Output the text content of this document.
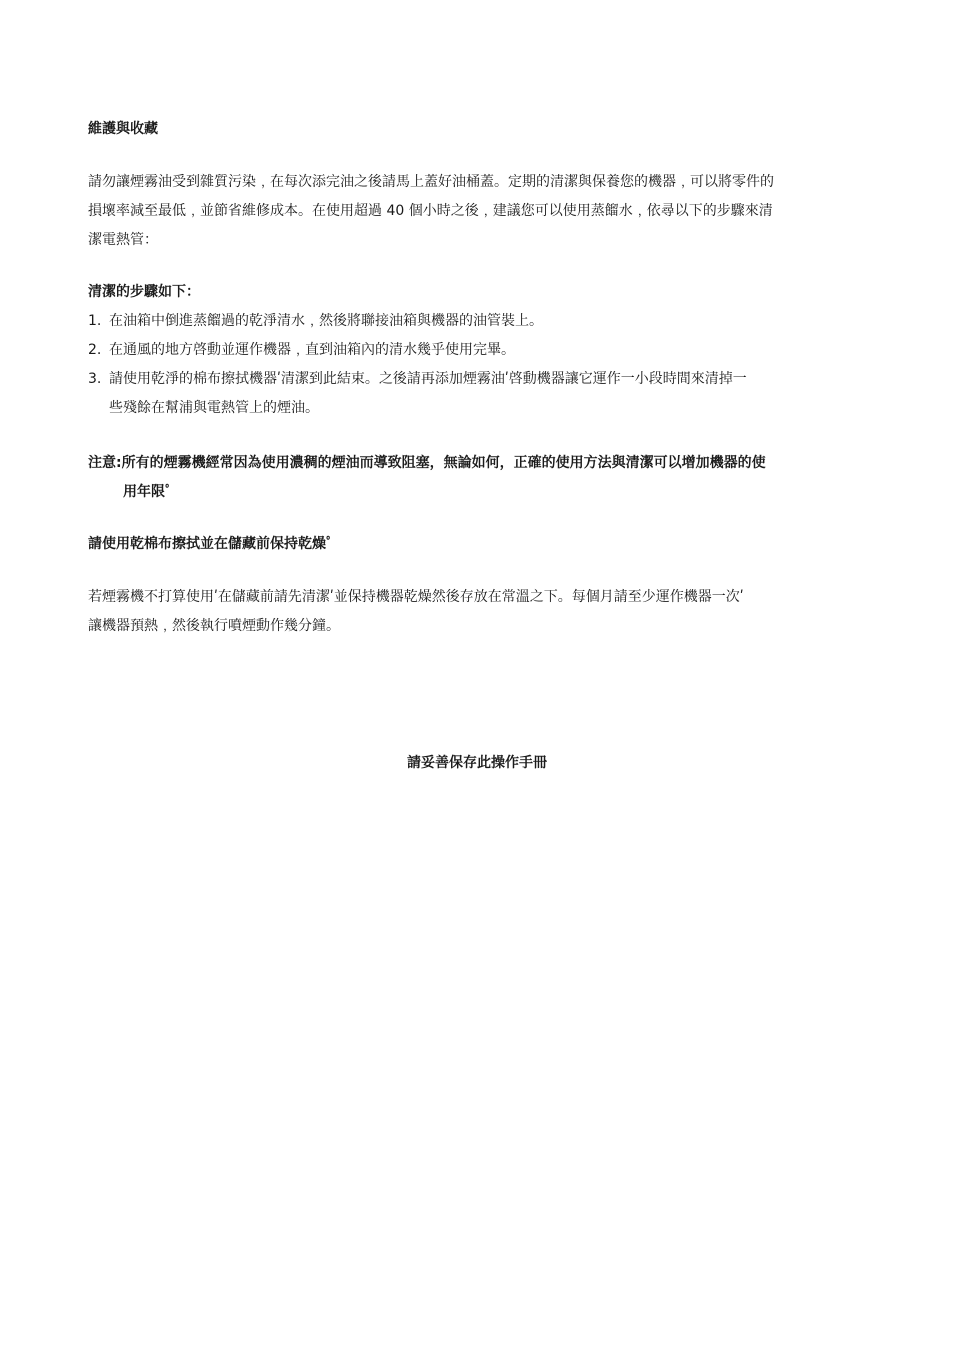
維護與收藏

請勿讓煙霧油受到雜質污染﹐在每次添完油之後請馬上蓋好油桶蓋。定期的清潔與保養您的機器﹐可以將零件的

損壞率減至最低﹐並節省維修成本。在使用超過 40 個小時之後﹐建議您可以使用蒸餾水﹐依尋以下的步驟來清

潔電熱管：

清潔的步驟如下：

1. 在油箱中倒進蒸餾過的乾淨清水﹐然後將聯接油箱與機器的油管裝上。
2. 在通風的地方啓動並運作機器﹐直到油箱內的清水幾乎使用完畢。
3. 請使用乾淨的棉布擦拭機器ʹ清潔到此結束。之後請再添加煙霧油ʹ啓動機器讓它運作一小段時間來清掉一
些殘餘在幫浦與電熱管上的煙油。

注意:所有的煙霧機經常因為使用濃稠的煙油而導致阻塞，無論如何，正確的使用方法與清潔可以增加機器的使
用年限ﾟ

請使用乾棉布擦拭並在儲藏前保持乾燥ﾟ

若煙霧機不打算使用ʹ在儲藏前請先清潔ʹ並保持機器乾燥然後存放在常溫之下。每個月請至少運作機器一次ʹ

讓機器預熱﹐然後執行噴煙動作幾分鐘。

請妥善保存此操作手冊
